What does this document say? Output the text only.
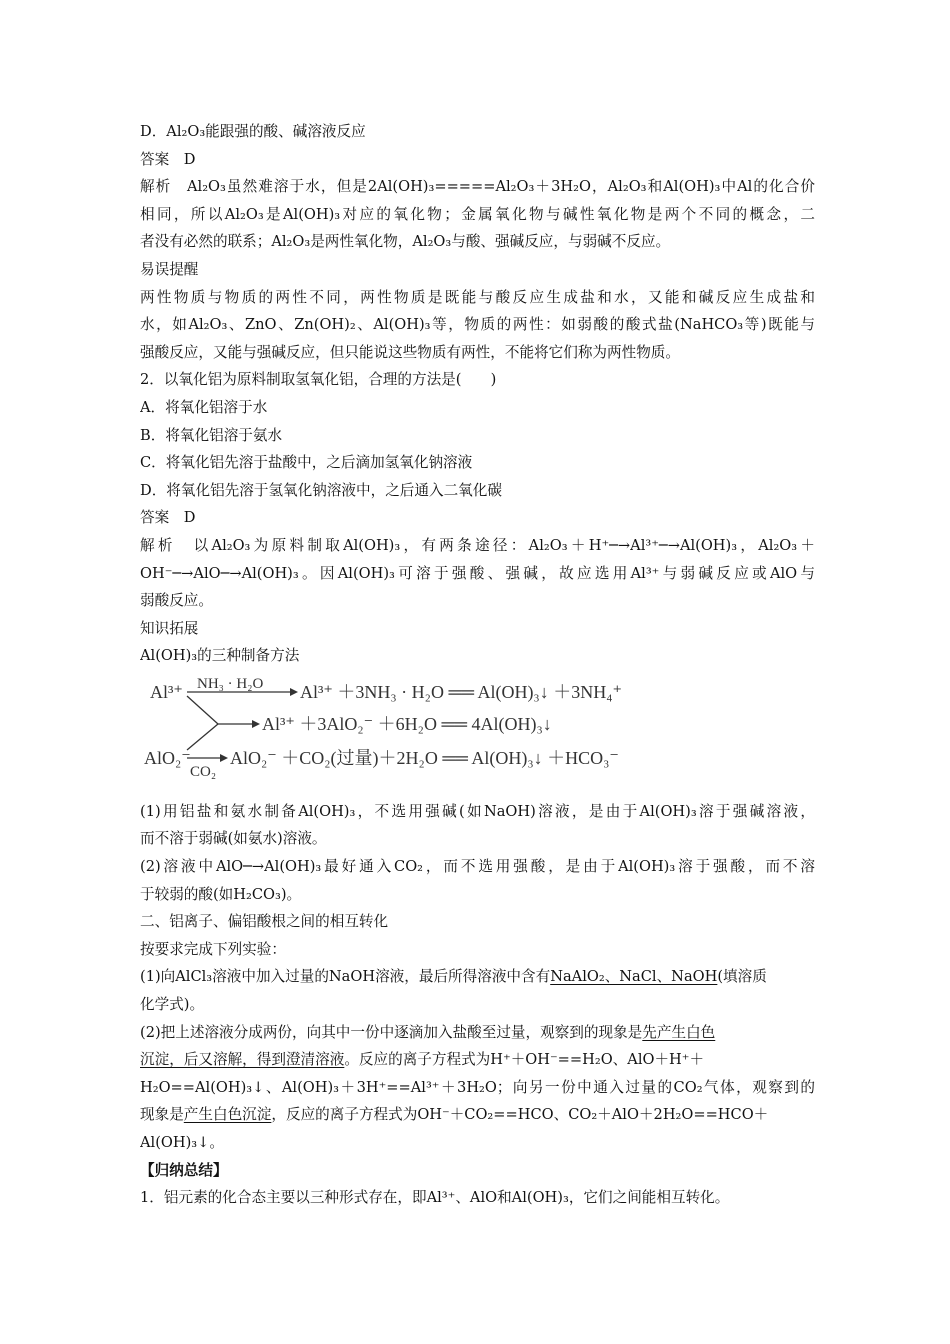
D．Al₂O₃能跟强的酸、碱溶液反应
答案　D
解析　Al₂O₃虽然难溶于水，但是2Al(OH)₃=====Al₂O₃＋3H₂O，Al₂O₃和Al(OH)₃中Al的化合价
相同，所以Al₂O₃是Al(OH)₃对应的氧化物；金属氧化物与碱性氧化物是两个不同的概念，二
者没有必然的联系；Al₂O₃是两性氧化物，Al₂O₃与酸、强碱反应，与弱碱不反应。
易误提醒
两性物质与物质的两性不同，两性物质是既能与酸反应生成盐和水，又能和碱反应生成盐和
水，如Al₂O₃、ZnO、Zn(OH)₂、Al(OH)₃等，物质的两性：如弱酸的酸式盐(NaHCO₃等)既能与
强酸反应，又能与强碱反应，但只能说这些物质有两性，不能将它们称为两性物质。
2．以氧化铝为原料制取氢氧化铝，合理的方法是(　　)
A．将氧化铝溶于水
B．将氧化铝溶于氨水
C．将氧化铝先溶于盐酸中，之后滴加氢氧化钠溶液
D．将氧化铝先溶于氢氧化钠溶液中，之后通入二氧化碳
答案　D
解析　以Al₂O₃为原料制取Al(OH)₃，有两条途径：Al₂O₃＋H⁺─→Al³⁺─→Al(OH)₃，Al₂O₃＋
OH⁻─→AlO─→Al(OH)₃。因Al(OH)₃可溶于强酸、强碱，故应选用Al³⁺与弱碱反应或AlO与
弱酸反应。
知识拓展
Al(OH)₃的三种制备方法
Al³⁺ NH₃ · H₂O Al³⁺ ＋3NH₃ · H₂O ══ Al(OH)₃↓ ＋3NH₄⁺
Al³⁺ ＋3AlO₂⁻ ＋6H₂O ══ 4Al(OH)₃↓
AlO₂⁻
CO₂
AlO₂⁻ ＋CO₂(过量)＋2H₂O ══ Al(OH)₃↓ ＋HCO₃⁻
(1)用铝盐和氨水制备Al(OH)₃，不选用强碱(如NaOH)溶液，是由于Al(OH)₃溶于强碱溶液，
而不溶于弱碱(如氨水)溶液。
(2)溶液中AlO─→Al(OH)₃最好通入CO₂，而不选用强酸，是由于Al(OH)₃溶于强酸，而不溶
于较弱的酸(如H₂CO₃)。
二、铝离子、偏铝酸根之间的相互转化
按要求完成下列实验：
(1)向AlCl₃溶液中加入过量的NaOH溶液，最后所得溶液中含有NaAlO₂、NaCl、NaOH(填溶质
化学式)。
(2)把上述溶液分成两份，向其中一份中逐滴加入盐酸至过量，观察到的现象是先产生白色
沉淀，后又溶解，得到澄清溶液。反应的离子方程式为H⁺＋OH⁻==H₂O、AlO＋H⁺＋
H₂O==Al(OH)₃↓、Al(OH)₃＋3H⁺==Al³⁺＋3H₂O；向另一份中通入过量的CO₂气体，观察到的
现象是产生白色沉淀，反应的离子方程式为OH⁻＋CO₂==HCO、CO₂＋AlO＋2H₂O==HCO＋
Al(OH)₃↓。
【归纳总结】
1．铝元素的化合态主要以三种形式存在，即Al³⁺、AlO和Al(OH)₃，它们之间能相互转化。
